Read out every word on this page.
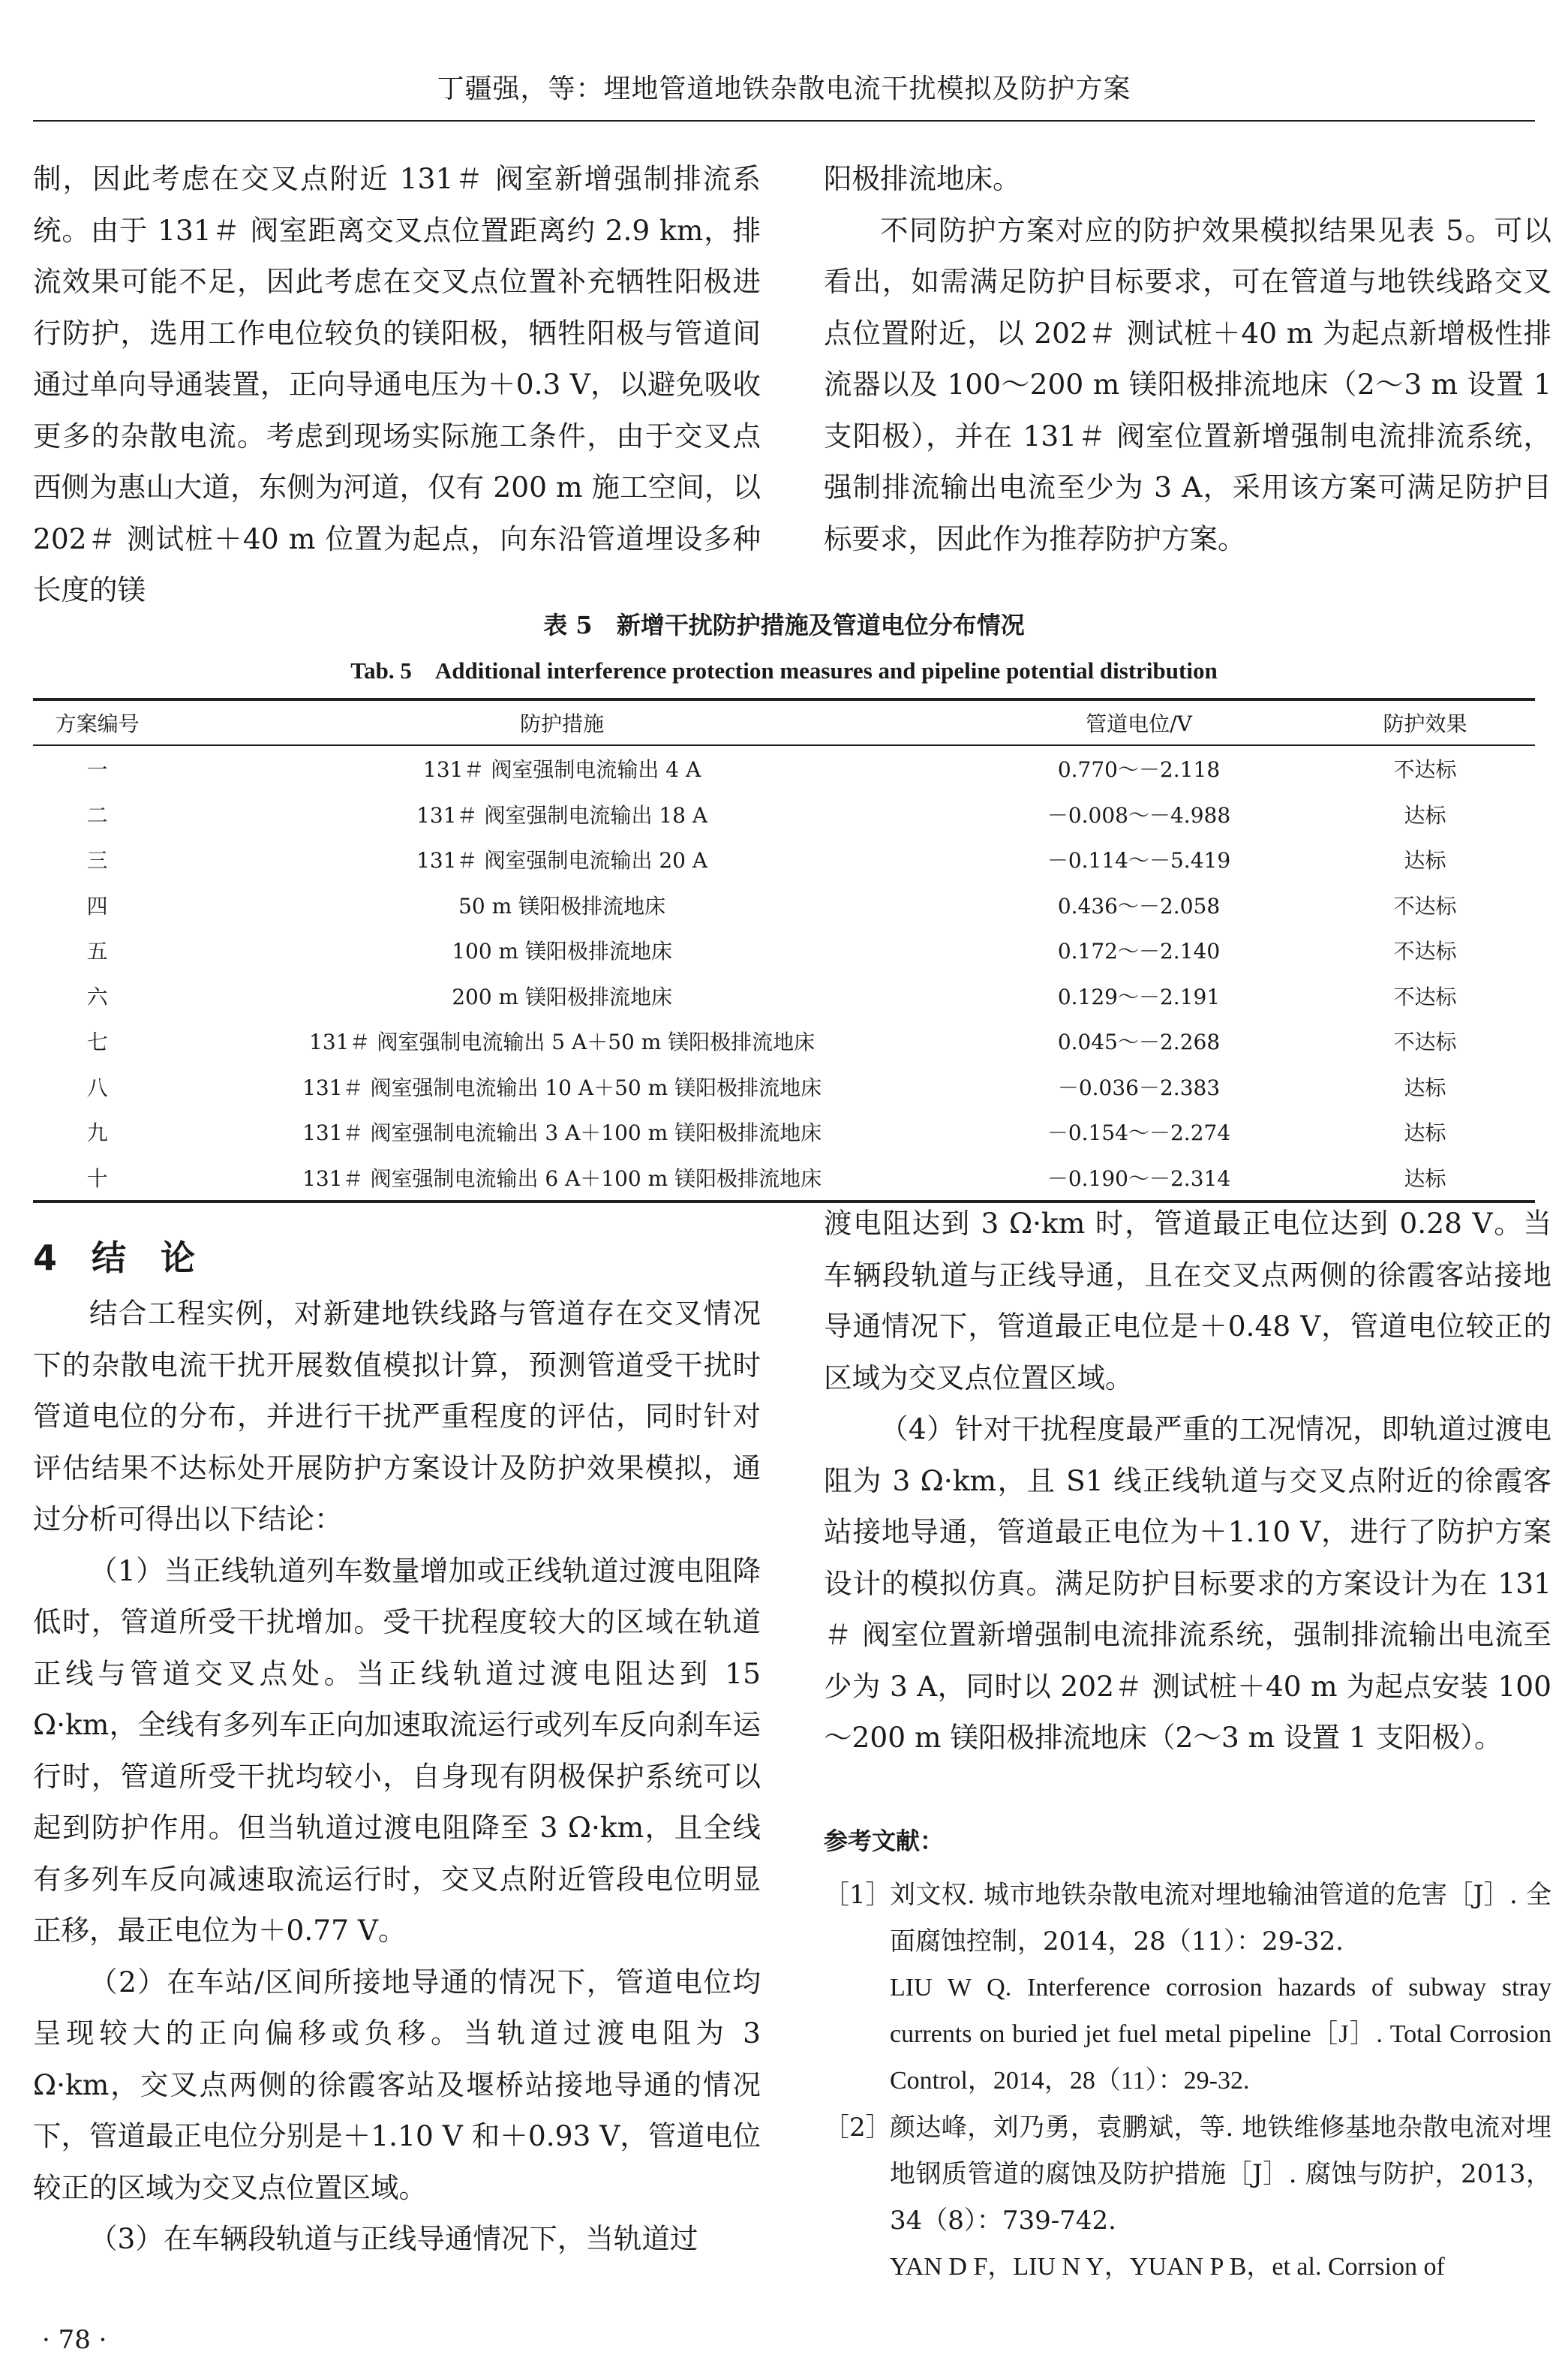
丁疆强，等：埋地管道地铁杂散电流干扰模拟及防护方案

制，因此考虑在交叉点附近 131＃ 阀室新增强制排流系统。由于 131＃ 阀室距离交叉点位置距离约 2.9 km，排流效果可能不足，因此考虑在交叉点位置补充牺牲阳极进行防护，选用工作电位较负的镁阳极，牺牲阳极与管道间通过单向导通装置，正向导通电压为＋0.3 V，以避免吸收更多的杂散电流。考虑到现场实际施工条件，由于交叉点西侧为惠山大道，东侧为河道，仅有 200 m 施工空间，以 202＃ 测试桩＋40 m 位置为起点，向东沿管道埋设多种长度的镁

阳极排流地床。

不同防护方案对应的防护效果模拟结果见表 5。可以看出，如需满足防护目标要求，可在管道与地铁线路交叉点位置附近，以 202＃ 测试桩＋40 m 为起点新增极性排流器以及 100～200 m 镁阳极排流地床（2～3 m 设置 1 支阳极），并在 131＃ 阀室位置新增强制电流排流系统，强制排流输出电流至少为 3 A，采用该方案可满足防护目标要求，因此作为推荐防护方案。

表 5　新增干扰防护措施及管道电位分布情况
Tab. 5　Additional interference protection measures and pipeline potential distribution
方案编号	防护措施	管道电位/V	防护效果
一	131＃ 阀室强制电流输出 4 A	0.770～－2.118	不达标
二	131＃ 阀室强制电流输出 18 A	－0.008～－4.988	达标
三	131＃ 阀室强制电流输出 20 A	－0.114～－5.419	达标
四	50 m 镁阳极排流地床	0.436～－2.058	不达标
五	100 m 镁阳极排流地床	0.172～－2.140	不达标
六	200 m 镁阳极排流地床	0.129～－2.191	不达标
七	131＃ 阀室强制电流输出 5 A＋50 m 镁阳极排流地床	0.045～－2.268	不达标
八	131＃ 阀室强制电流输出 10 A＋50 m 镁阳极排流地床	－0.036－2.383	达标
九	131＃ 阀室强制电流输出 3 A＋100 m 镁阳极排流地床	－0.154～－2.274	达标
十	131＃ 阀室强制电流输出 6 A＋100 m 镁阳极排流地床	－0.190～－2.314	达标
4　结　论

结合工程实例，对新建地铁线路与管道存在交叉情况下的杂散电流干扰开展数值模拟计算，预测管道受干扰时管道电位的分布，并进行干扰严重程度的评估，同时针对评估结果不达标处开展防护方案设计及防护效果模拟，通过分析可得出以下结论：

（1）当正线轨道列车数量增加或正线轨道过渡电阻降低时，管道所受干扰增加。受干扰程度较大的区域在轨道正线与管道交叉点处。当正线轨道过渡电阻达到 15 Ω·km，全线有多列车正向加速取流运行或列车反向刹车运行时，管道所受干扰均较小，自身现有阴极保护系统可以起到防护作用。但当轨道过渡电阻降至 3 Ω·km，且全线有多列车反向减速取流运行时，交叉点附近管段电位明显正移，最正电位为＋0.77 V。

（2）在车站/区间所接地导通的情况下，管道电位均呈现较大的正向偏移或负移。当轨道过渡电阻为 3 Ω·km，交叉点两侧的徐霞客站及堰桥站接地导通的情况下，管道最正电位分别是＋1.10 V 和＋0.93 V，管道电位较正的区域为交叉点位置区域。

（3）在车辆段轨道与正线导通情况下，当轨道过

渡电阻达到 3 Ω·km 时，管道最正电位达到 0.28 V。当车辆段轨道与正线导通，且在交叉点两侧的徐霞客站接地导通情况下，管道最正电位是＋0.48 V，管道电位较正的区域为交叉点位置区域。

（4）针对干扰程度最严重的工况情况，即轨道过渡电阻为 3 Ω·km，且 S1 线正线轨道与交叉点附近的徐霞客站接地导通，管道最正电位为＋1.10 V，进行了防护方案设计的模拟仿真。满足防护目标要求的方案设计为在 131＃ 阀室位置新增强制电流排流系统，强制排流输出电流至少为 3 A，同时以 202＃ 测试桩＋40 m 为起点安装 100～200 m 镁阳极排流地床（2～3 m 设置 1 支阳极）。

参考文献：
［1］
刘文权. 城市地铁杂散电流对埋地输油管道的危害［J］. 全面腐蚀控制，2014，28（11）：29-32.
LIU W Q. Interference corrosion hazards of subway stray currents on buried jet fuel metal pipeline［J］. Total Corrosion Control，2014，28（11）：29-32.
［2］
颜达峰，刘乃勇，袁鹏斌，等. 地铁维修基地杂散电流对埋地钢质管道的腐蚀及防护措施［J］. 腐蚀与防护，2013，34（8）：739-742.
YAN D F，LIU N Y，YUAN P B，et al. Corrsion of
· 78 ·
